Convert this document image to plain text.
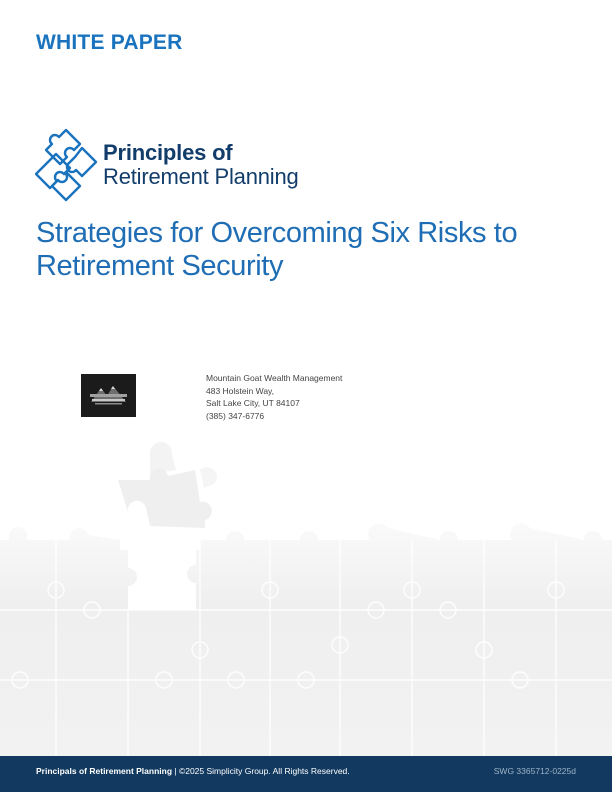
WHITE PAPER
Principles of
Retirement Planning
Strategies for Overcoming Six Risks to
Retirement Security
Mountain Goat Wealth Management
483 Holstein Way,
Salt Lake City, UT 84107
(385) 347-6776
Principals of Retirement Planning | ©2025 Simplicity Group. All Rights Reserved.	SWG 3365712-0225d
